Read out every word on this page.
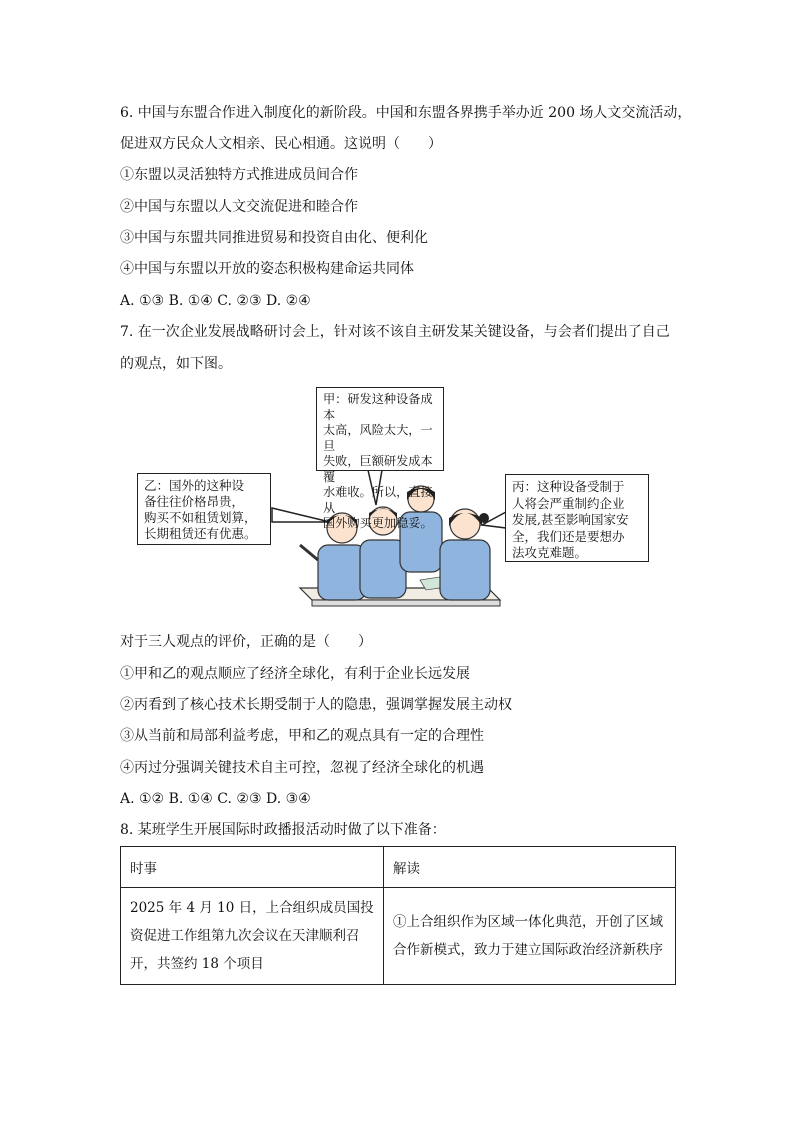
6. 中国与东盟合作进入制度化的新阶段。中国和东盟各界携手举办近 200 场人文交流活动，
促进双方民众人文相亲、民心相通。这说明（　　）
①东盟以灵活独特方式推进成员间合作
②中国与东盟以人文交流促进和睦合作
③中国与东盟共同推进贸易和投资自由化、便利化
④中国与东盟以开放的姿态积极构建命运共同体
A. ①③ B. ①④ C. ②③ D. ②④
7. 在一次企业发展战略研讨会上，针对该不该自主研发某关键设备，与会者们提出了自己
的观点，如下图。
甲：研发这种设备成本
太高，风险太大，一旦
失败，巨额研发成本覆
水难收。所以，直接从
国外购买更加稳妥。
乙：国外的这种设
备往往价格昂贵，
购买不如租赁划算，
长期租赁还有优惠。
丙：这种设备受制于
人将会严重制约企业
发展,甚至影响国家安
全，我们还是要想办
法攻克难题。
对于三人观点的评价，正确的是（　　）
①甲和乙的观点顺应了经济全球化，有利于企业长远发展
②丙看到了核心技术长期受制于人的隐患，强调掌握发展主动权
③从当前和局部利益考虑，甲和乙的观点具有一定的合理性
④丙过分强调关键技术自主可控，忽视了经济全球化的机遇
A. ①② B. ①④ C. ②③ D. ③④
8. 某班学生开展国际时政播报活动时做了以下准备：
时事	解读
2025 年 4 月 10 日，上合组织成员国投资促进工作组第九次会议在天津顺利召开，共签约 18 个项目	①上合组织作为区域一体化典范，开创了区域合作新模式，致力于建立国际政治经济新秩序
